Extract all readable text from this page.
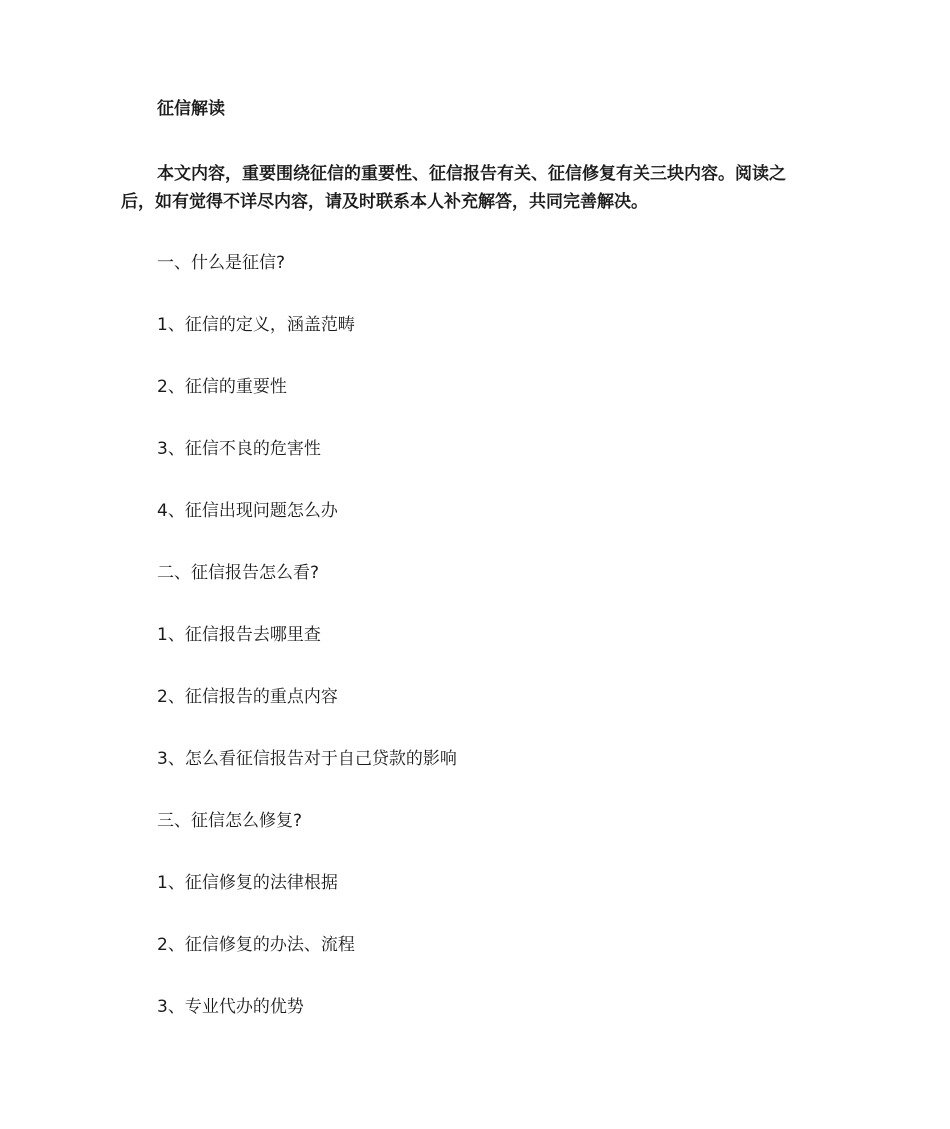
征信解读
本文内容，重要围绕征信的重要性、征信报告有关、征信修复有关三块内容。阅读之
后，如有觉得不详尽内容，请及时联系本人补充解答，共同完善解决。
一、什么是征信?
1、征信的定义，涵盖范畴
2、征信的重要性
3、征信不良的危害性
4、征信出现问题怎么办
二、征信报告怎么看?
1、征信报告去哪里查
2、征信报告的重点内容
3、怎么看征信报告对于自己贷款的影响
三、征信怎么修复?
1、征信修复的法律根据
2、征信修复的办法、流程
3、专业代办的优势
